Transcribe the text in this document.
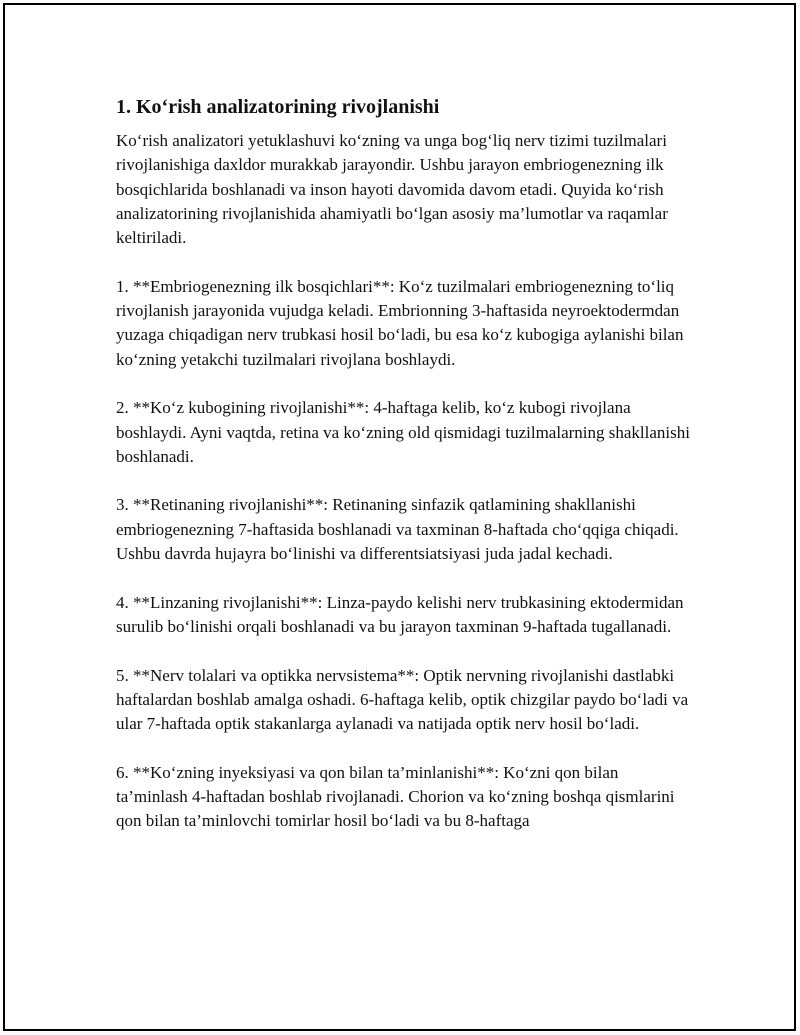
1. Ko‘rish analizatorining rivojlanishi

Ko‘rish analizatori yetuklashuvi ko‘zning va unga bog‘liq nerv tizimi tuzilmalari rivojlanishiga daxldor murakkab jarayondir. Ushbu jarayon embriogenezning ilk bosqichlarida boshlanadi va inson hayoti davomida davom etadi. Quyida ko‘rish analizatorining rivojlanishida ahamiyatli bo‘lgan asosiy ma’lumotlar va raqamlar keltiriladi.

1. **Embriogenezning ilk bosqichlari**: Ko‘z tuzilmalari embriogenezning to‘liq rivojlanish jarayonida vujudga keladi. Embrionning 3-haftasida neyroektodermdan yuzaga chiqadigan nerv trubkasi hosil bo‘ladi, bu esa ko‘z kubogiga aylanishi bilan ko‘zning yetakchi tuzilmalari rivojlana boshlaydi.

2. **Ko‘z kubogining rivojlanishi**: 4-haftaga kelib, ko‘z kubogi rivojlana boshlaydi. Ayni vaqtda, retina va ko‘zning old qismidagi tuzilmalarning shakllanishi boshlanadi.

3. **Retinaning rivojlanishi**: Retinaning sinfazik qatlamining shakllanishi embriogenezning 7-haftasida boshlanadi va taxminan 8-haftada cho‘qqiga chiqadi. Ushbu davrda hujayra bo‘linishi va differentsiatsiyasi juda jadal kechadi.

4. **Linzaning rivojlanishi**: Linza-paydo kelishi nerv trubkasining ektodermidan surulib bo‘linishi orqali boshlanadi va bu jarayon taxminan 9-haftada tugallanadi.

5. **Nerv tolalari va optikka nervsistema**: Optik nervning rivojlanishi dastlabki haftalardan boshlab amalga oshadi. 6-haftaga kelib, optik chizgilar paydo bo‘ladi va ular 7-haftada optik stakanlarga aylanadi va natijada optik nerv hosil bo‘ladi.

6. **Ko‘zning inyeksiyasi va qon bilan ta’minlanishi**: Ko‘zni qon bilan ta’minlash 4-haftadan boshlab rivojlanadi. Chorion va ko‘zning boshqa qismlarini qon bilan ta’minlovchi tomirlar hosil bo‘ladi va bu 8-haftaga
